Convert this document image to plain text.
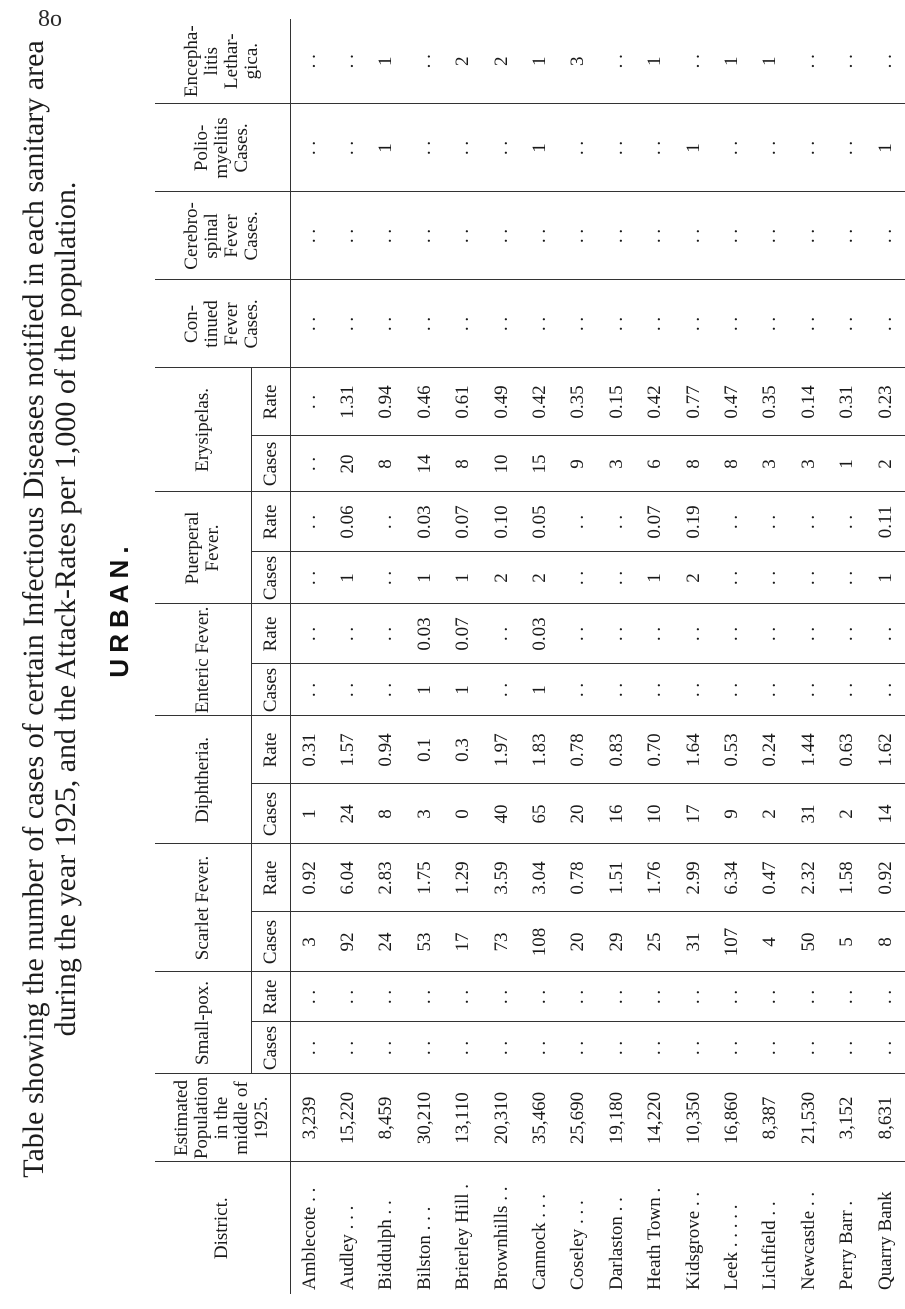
8o
Table showing the number of cases of certain Infectious Diseases notified in each sanitary area during the year 1925, and the Attack-Rates per 1,000 of the population. URBAN.
District.	Estimated Population in the middle of 1925.	Small-pox.		Scarlet Fever.		Diphtheria.		Enteric Fever.		Puerperal Fever.		Erysipelas.		Con- tinued Fever Cases.	Cerebro- spinal Fever Cases.	Polio- myelitis Cases.	Encepha- litis Lethar- gica.
		Cases	Rate	Cases	Rate	Cases	Rate	Cases	Rate	Cases	Rate	Cases	Rate				
Amblecote . .	3,239	. .	. .	3	0.92	1	0.31	. .	. .	. .	. .	. .	. .	. .	. .	. .	. .
Audley . . .	15,220	. .	. .	92	6.04	24	1.57	. .	. .	1	0.06	20	1.31	. .	. .	. .	. .
Biddulph . .	8,459	. .	. .	24	2.83	8	0.94	. .	. .	. .	. .	8	0.94	. .	. .	1	1
Bilston . . .	30,210	. .	. .	53	1.75	3	0.1	1	0.03	1	0.03	14	0.46	. .	. .	. .	. .
Brierley Hill .	13,110	. .	. .	17	1.29	0	0.3	1	0.07	1	0.07	8	0.61	. .	. .	. .	2
Brownhills . .	20,310	. .	. .	73	3.59	40	1.97	. .	. .	2	0.10	10	0.49	. .	. .	. .	2
Cannock . . .	35,460	. .	. .	108	3.04	65	1.83	1	0.03	2	0.05	15	0.42	. .	. .	1	1
Coseley . . .	25,690	. .	. .	20	0.78	20	0.78	. .	. .	. .	. .	9	0.35	. .	. .	. .	3
Darlaston . .	19,180	. .	. .	29	1.51	16	0.83	. .	. .	. .	. .	3	0.15	. .	. .	. .	. .
Heath Town .	14,220	. .	. .	25	1.76	10	0.70	. .	. .	1	0.07	6	0.42	. .	. .	. .	1
Kidsgrove . .	10,350	. .	. .	31	2.99	17	1.64	. .	. .	2	0.19	8	0.77	. .	. .	1	. .
Leek . . . . .	16,860	. .	. .	107	6.34	9	0.53	. .	. .	. .	. .	8	0.47	. .	. .	. .	1
Lichfield . .	8,387	. .	. .	4	0.47	2	0.24	. .	. .	. .	. .	3	0.35	. .	. .	. .	1
Newcastle . .	21,530	. .	. .	50	2.32	31	1.44	. .	. .	. .	. .	3	0.14	. .	. .	. .	. .
Perry Barr .	3,152	. .	. .	5	1.58	2	0.63	. .	. .	. .	. .	1	0.31	. .	. .	. .	. .
Quarry Bank	8,631	. .	. .	8	0.92	14	1.62	. .	. .	1	0.11	2	0.23	. .	. .	1	. .
